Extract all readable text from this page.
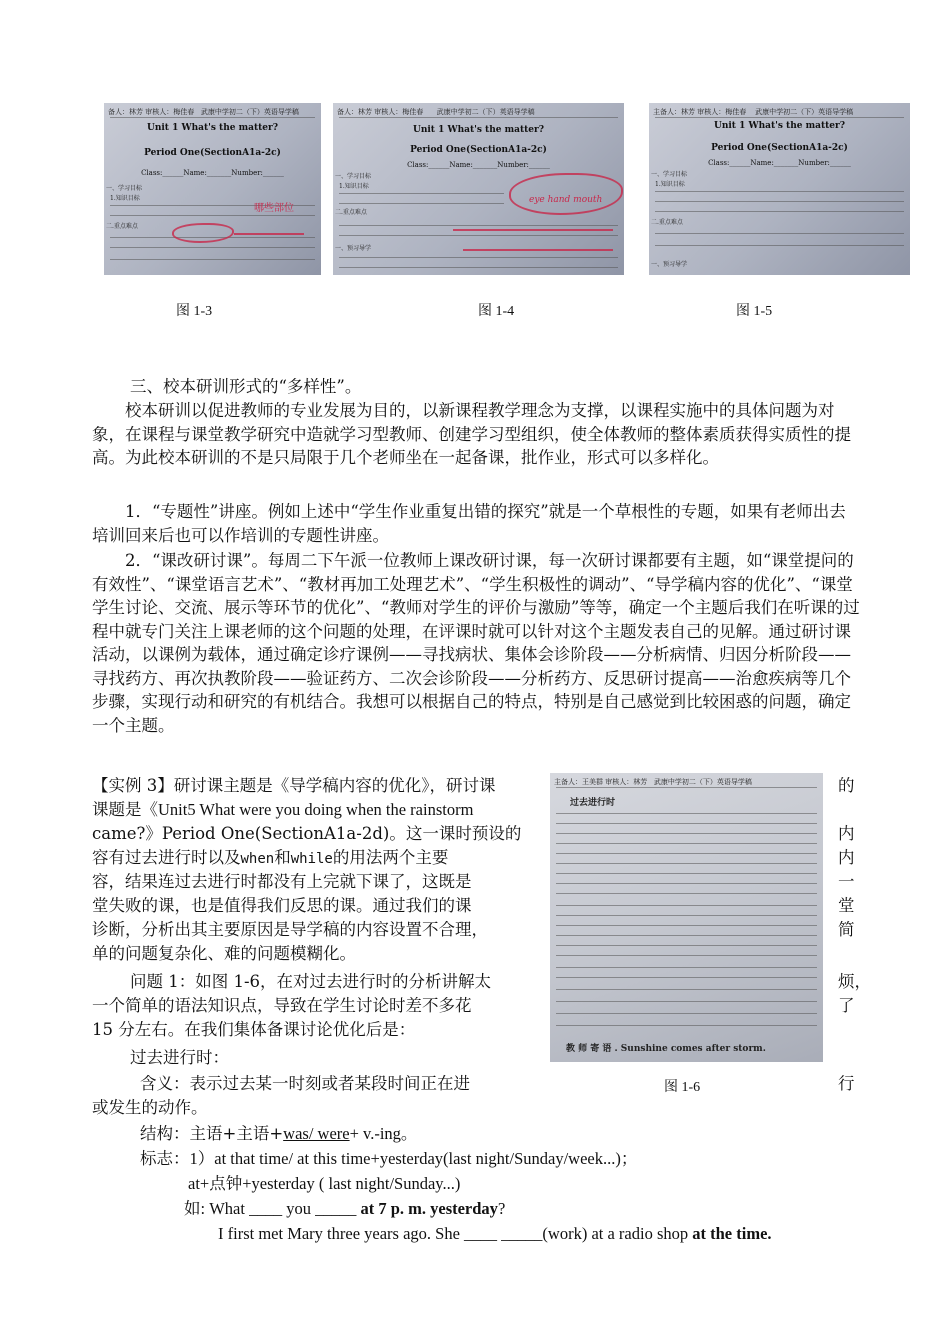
备人：林芳 审核人：梅佳春 武康中学初二（下）英语导学稿
Unit 1 What's the matter?
Period One(SectionA1a-2c)
Class:______Name:_______Number:______
一、学习目标
1.知识目标
二.重点难点
哪些部位
备人：林芳 审核人：梅佳春 武康中学初二（下）英语导学稿
Unit 1 What's the matter?
Period One(SectionA1a-2c)
Class:______Name:_______Number:______
一、学习目标
1.知识目标
二.重点难点
一、预习导学
eye hand mouth
主备人：林芳 审核人：梅佳春 武康中学初二（下）英语导学稿
Unit 1 What's the matter?
Period One(SectionA1a-2c)
Class:______Name:_______Number:______
一、学习目标
1.知识目标
二.重点难点
一、预习导学
图 1-3	图 1-4	图 1-5
三、校本研训形式的“多样性”。

校本研训以促进教师的专业发展为目的，以新课程教学理念为支撑，以课程实施中的具体问题为对象，在课程与课堂教学研究中造就学习型教师、创建学习型组织，使全体教师的整体素质获得实质性的提高。为此校本研训的不是只局限于几个老师坐在一起备课，批作业，形式可以多样化。

1．“专题性”讲座。例如上述中“学生作业重复出错的探究”就是一个草根性的专题，如果有老师出去培训回来后也可以作培训的专题性讲座。

2．“课改研讨课”。每周二下午派一位教师上课改研讨课，每一次研讨课都要有主题，如“课堂提问的有效性”、“课堂语言艺术”、“教材再加工处理艺术”、“学生积极性的调动”、“导学稿内容的优化”、“课堂学生讨论、交流、展示等环节的优化”、“教师对学生的评价与激励”等等，确定一个主题后我们在听课的过程中就专门关注上课老师的这个问题的处理，在评课时就可以针对这个主题发表自己的见解。通过研讨课活动，以课例为载体，通过确定诊疗课例——寻找病状、集体会诊阶段——分析病情、归因分析阶段——寻找药方、再次执教阶段——验证药方、二次会诊阶段——分析药方、反思研讨提高——治愈疾病等几个步骤，实现行动和研究的有机结合。我想可以根据自己的特点，特别是自己感觉到比较困惑的问题，确定一个主题。

【实例 3】研讨课主题是《导学稿内容的优化》，研讨课	的
课题是《Unit5 What were you doing when the rainstorm
came?》Period One(SectionA1a-2d)。这一课时预设的	内
容有过去进行时以及when和while的用法两个主要	内
容，结果连过去进行时都没有上完就下课了，这既是	一
堂失败的课，也是值得我们反思的课。通过我们的课	堂
诊断，分析出其主要原因是导学稿的内容设置不合理，	简
单的问题复杂化、难的问题模糊化。
问题 1：如图 1-6，在对过去进行时的分析讲解太	烦，
一个简单的语法知识点，导致在学生讨论时差不多花	了
15 分左右。在我们集体备课讨论优化后是：
过去进行时：
含义：表示过去某一时刻或者某段时间正在进	行
或发生的动作。
主备人：王美群 审核人：林芳 武康中学初二（下）英语导学稿
过去进行时
教 师 寄 语 . Sunshine comes after storm.
图 1-6
结构：主语+主语+was/ were+ v.-ing。
标志：1）at that time/ at this time+yesterday(last night/Sunday/week...)；
at+点钟+yesterday ( last night/Sunday...)
如: What ____ you _____ at 7 p. m. yesterday?
I first met Mary three years ago. She ____ _____(work) at a radio shop at the time.
